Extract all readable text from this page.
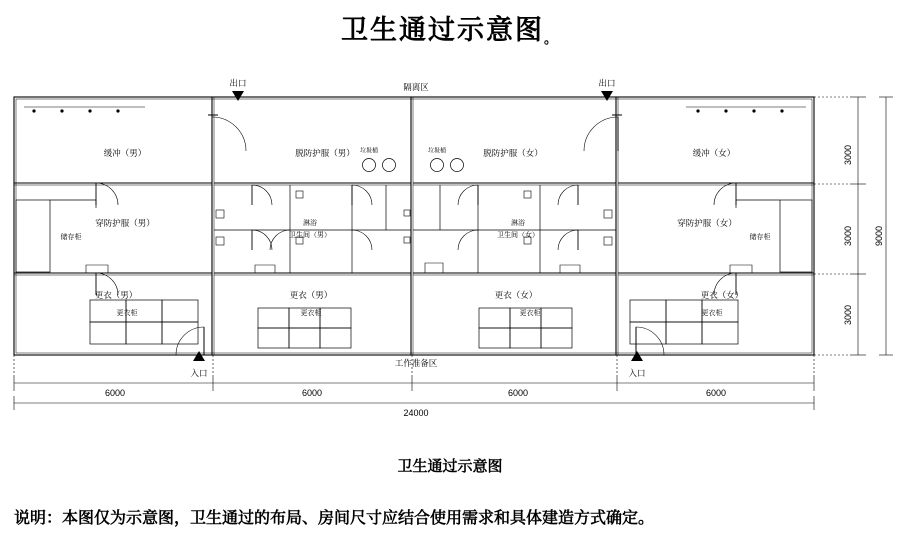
卫生通过示意图。
隔离区
工作准备区
出口	出口
入口	入口
缓冲（男）	脱防护服（男）	脱防护服（女）	缓冲（女）
垃圾桶	垃圾桶
穿防护服（男）
储存柜
淋浴
卫生间（男）
淋浴
卫生间（女）
穿防护服（女）
储存柜
更衣（男）
更衣柜
更衣（男）
更衣柜
更衣（女）
更衣柜
更衣（女）
更衣柜
6000	6000	6000	6000
24000
3000
3000
3000
9000
卫生通过示意图
说明：本图仅为示意图，卫生通过的布局、房间尺寸应结合使用需求和具体建造方式确定。
